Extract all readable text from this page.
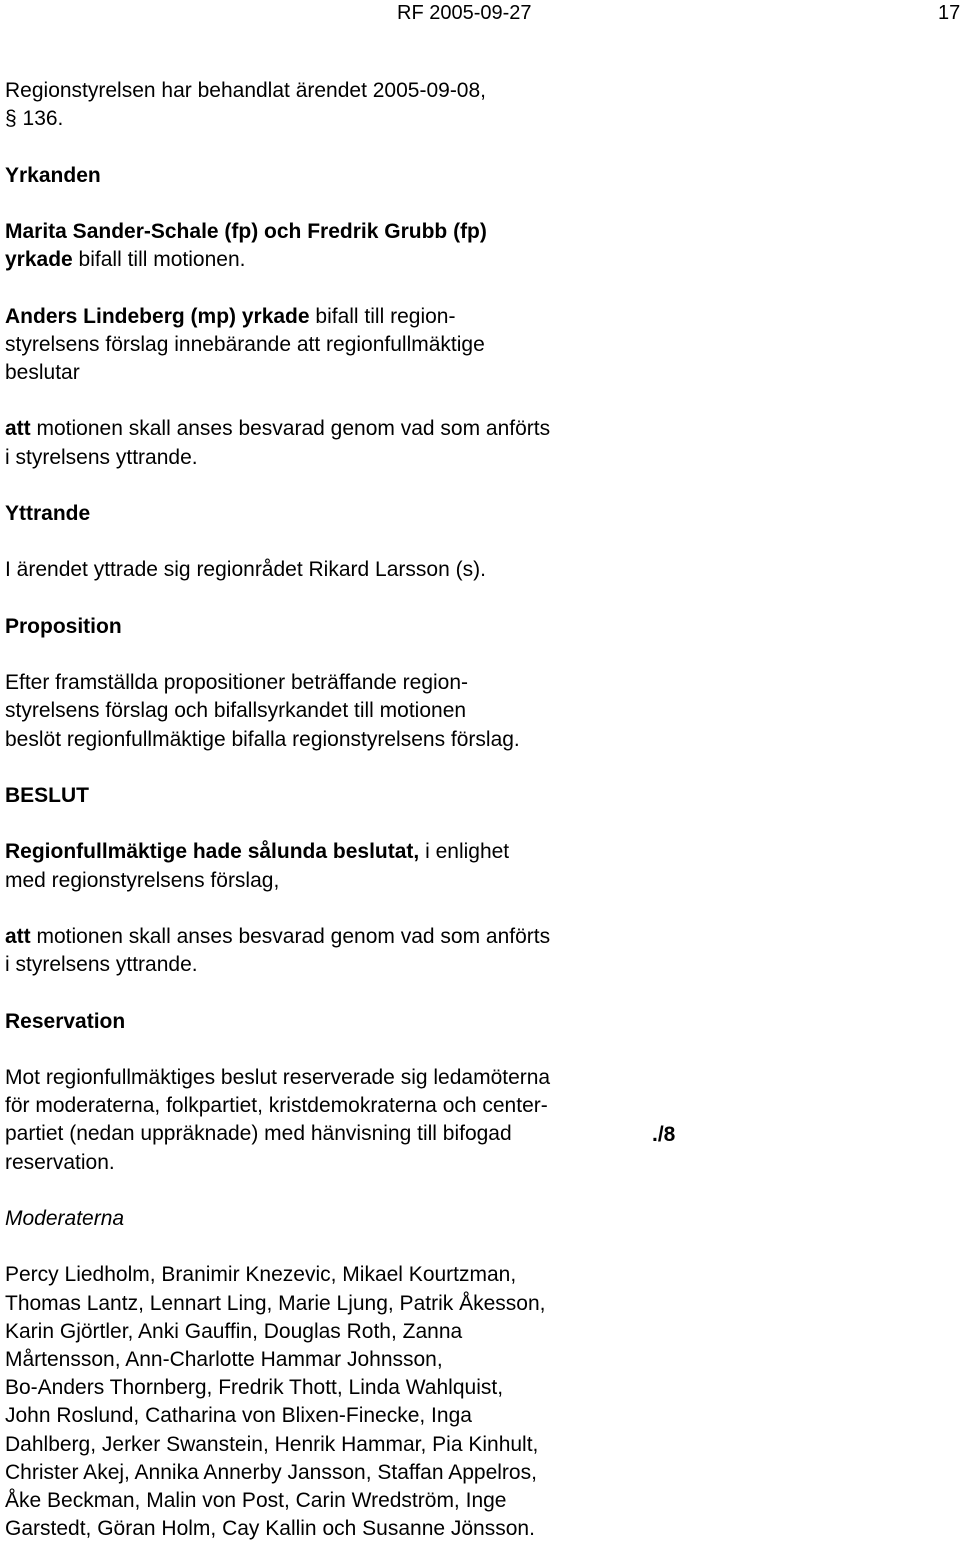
RF 2005-09-27	17

Regionstyrelsen har behandlat ärendet 2005-09-08,
§ 136.

Yrkanden

Marita Sander-Schale (fp) och Fredrik Grubb (fp)
yrkade bifall till motionen.

Anders Lindeberg (mp) yrkade bifall till region-
styrelsens förslag innebärande att regionfullmäktige
beslutar

att motionen skall anses besvarad genom vad som anförts
i styrelsens yttrande.

Yttrande

I ärendet yttrade sig regionrådet Rikard Larsson (s).

Proposition

Efter framställda propositioner beträffande region-
styrelsens förslag och bifallsyrkandet till motionen
beslöt regionfullmäktige bifalla regionstyrelsens förslag.

BESLUT

Regionfullmäktige hade sålunda beslutat, i enlighet
med regionstyrelsens förslag,

att motionen skall anses besvarad genom vad som anförts
i styrelsens yttrande.

Reservation

Mot regionfullmäktiges beslut reserverade sig ledamöterna
för moderaterna, folkpartiet, kristdemokraterna och center-
partiet (nedan uppräknade) med hänvisning till bifogad
reservation.

Moderaterna

Percy Liedholm, Branimir Knezevic, Mikael Kourtzman,
Thomas Lantz, Lennart Ling, Marie Ljung, Patrik Åkesson,
Karin Gjörtler, Anki Gauffin, Douglas Roth, Zanna
Mårtensson, Ann-Charlotte Hammar Johnsson,
Bo-Anders Thornberg, Fredrik Thott, Linda Wahlquist,
John Roslund, Catharina von Blixen-Finecke, Inga
Dahlberg, Jerker Swanstein, Henrik Hammar, Pia Kinhult,
Christer Akej, Annika Annerby Jansson, Staffan Appelros,
Åke Beckman, Malin von Post, Carin Wredström, Inge
Garstedt, Göran Holm, Cay Kallin och Susanne Jönsson.

./8
